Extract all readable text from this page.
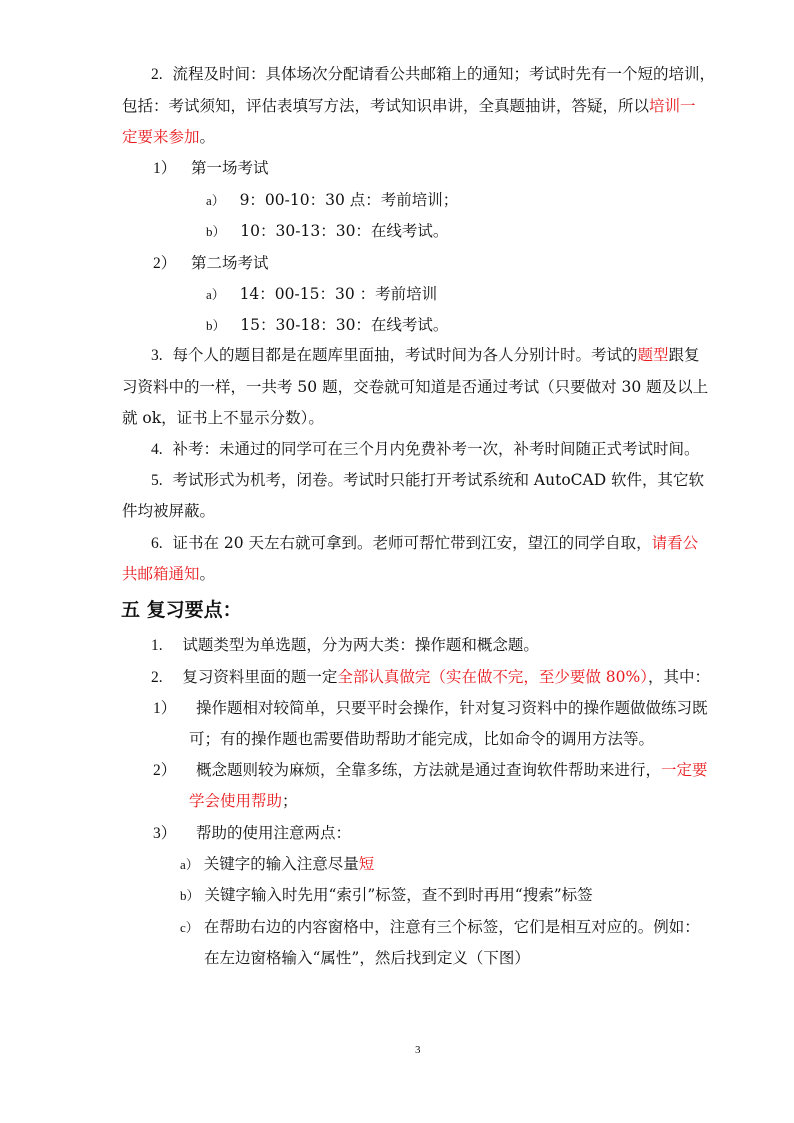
2. 流程及时间：具体场次分配请看公共邮箱上的通知；考试时先有一个短的培训，
包括：考试须知，评估表填写方法，考试知识串讲，全真题抽讲，答疑，所以培训一
定要来参加。
1） 第一场考试
a） 9：00-10：30 点：考前培训；
b） 10：30-13：30：在线考试。
2） 第二场考试
a） 14：00-15：30 ：考前培训
b） 15：30-18：30：在线考试。
3. 每个人的题目都是在题库里面抽，考试时间为各人分别计时。考试的题型跟复
习资料中的一样，一共考 50 题，交卷就可知道是否通过考试（只要做对 30 题及以上
就 ok，证书上不显示分数）。
4. 补考：未通过的同学可在三个月内免费补考一次，补考时间随正式考试时间。
5. 考试形式为机考，闭卷。考试时只能打开考试系统和 AutoCAD 软件，其它软
件均被屏蔽。
6. 证书在 20 天左右就可拿到。老师可帮忙带到江安，望江的同学自取，请看公
共邮箱通知。
五 复习要点：
1. 试题类型为单选题，分为两大类：操作题和概念题。
2. 复习资料里面的题一定全部认真做完（实在做不完，至少要做 80%），其中：
1） 操作题相对较简单，只要平时会操作，针对复习资料中的操作题做做练习既
可；有的操作题也需要借助帮助才能完成，比如命令的调用方法等。
2） 概念题则较为麻烦，全靠多练，方法就是通过查询软件帮助来进行，一定要
学会使用帮助；
3） 帮助的使用注意两点：
a） 关键字的输入注意尽量短
b） 关键字输入时先用“索引”标签，查不到时再用“搜索”标签
c） 在帮助右边的内容窗格中，注意有三个标签，它们是相互对应的。例如：
在左边窗格输入“属性”，然后找到定义（下图）
3
